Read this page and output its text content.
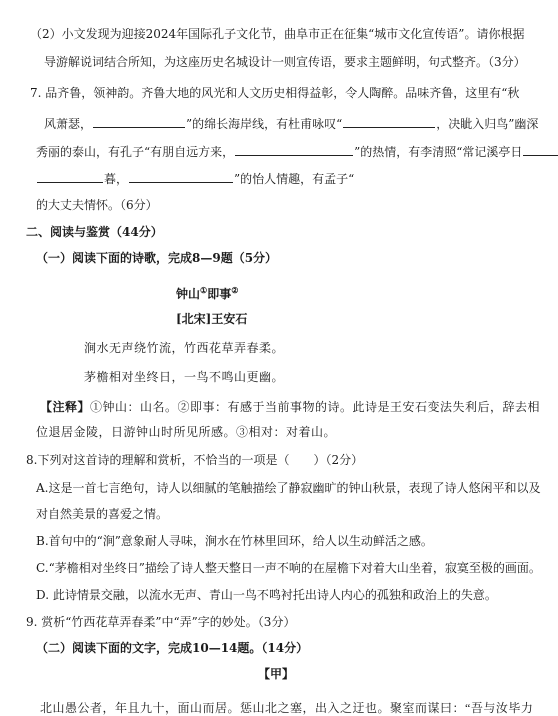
（2）小文发现为迎接2024年国际孔子文化节，曲阜市正在征集“城市文化宣传语”。请你根据
导游解说词结合所知，为这座历史名城设计一则宣传语，要求主题鲜明，句式整齐。（3分）
7. 品齐鲁，领神韵。齐鲁大地的风光和人文历史相得益彰，令人陶醉。品味齐鲁，这里有“秋
风萧瑟，	”的绵长海岸线，有杜甫咏叹“	，决眦入归鸟”幽深
秀丽的泰山，有孔子“有朋自远方来，	”的热情，有李清照“常记溪亭日
暮，	”的怡人情趣，有孟子“
的大丈夫情怀。（6分）
二、阅读与鉴赏（44分）
（一）阅读下面的诗歌，完成8—9题（5分）
钟山①即事②
[北宋]王安石
涧水无声绕竹流，竹西花草弄春柔。
茅檐相对坐终日，一鸟不鸣山更幽。
【注释】①钟山：山名。②即事：有感于当前事物的诗。此诗是王安石变法失利后，辞去相
位退居金陵，日游钟山时所见所感。③相对：对着山。
8.下列对这首诗的理解和赏析，不恰当的一项是（　　）（2分）
A.这是一首七言绝句，诗人以细腻的笔触描绘了静寂幽旷的钟山秋景，表现了诗人悠闲平和以及
对自然美景的喜爱之情。
B.首句中的“涧”意象耐人寻味，涧水在竹林里回环，给人以生动鲜活之感。
C.“茅檐相对坐终日”描绘了诗人整天整日一声不响的在屋檐下对着大山坐着，寂寞至极的画面。
D. 此诗情景交融，以流水无声、青山一鸟不鸣衬托出诗人内心的孤独和政治上的失意。
9. 赏析“竹西花草弄春柔”中“弄”字的妙处。（3分）
（二）阅读下面的文字，完成10—14题。（14分）
【甲】
北山愚公者，年且九十，面山而居。惩山北之塞，出入之迂也。聚室而谋曰：“吾与汝毕力
